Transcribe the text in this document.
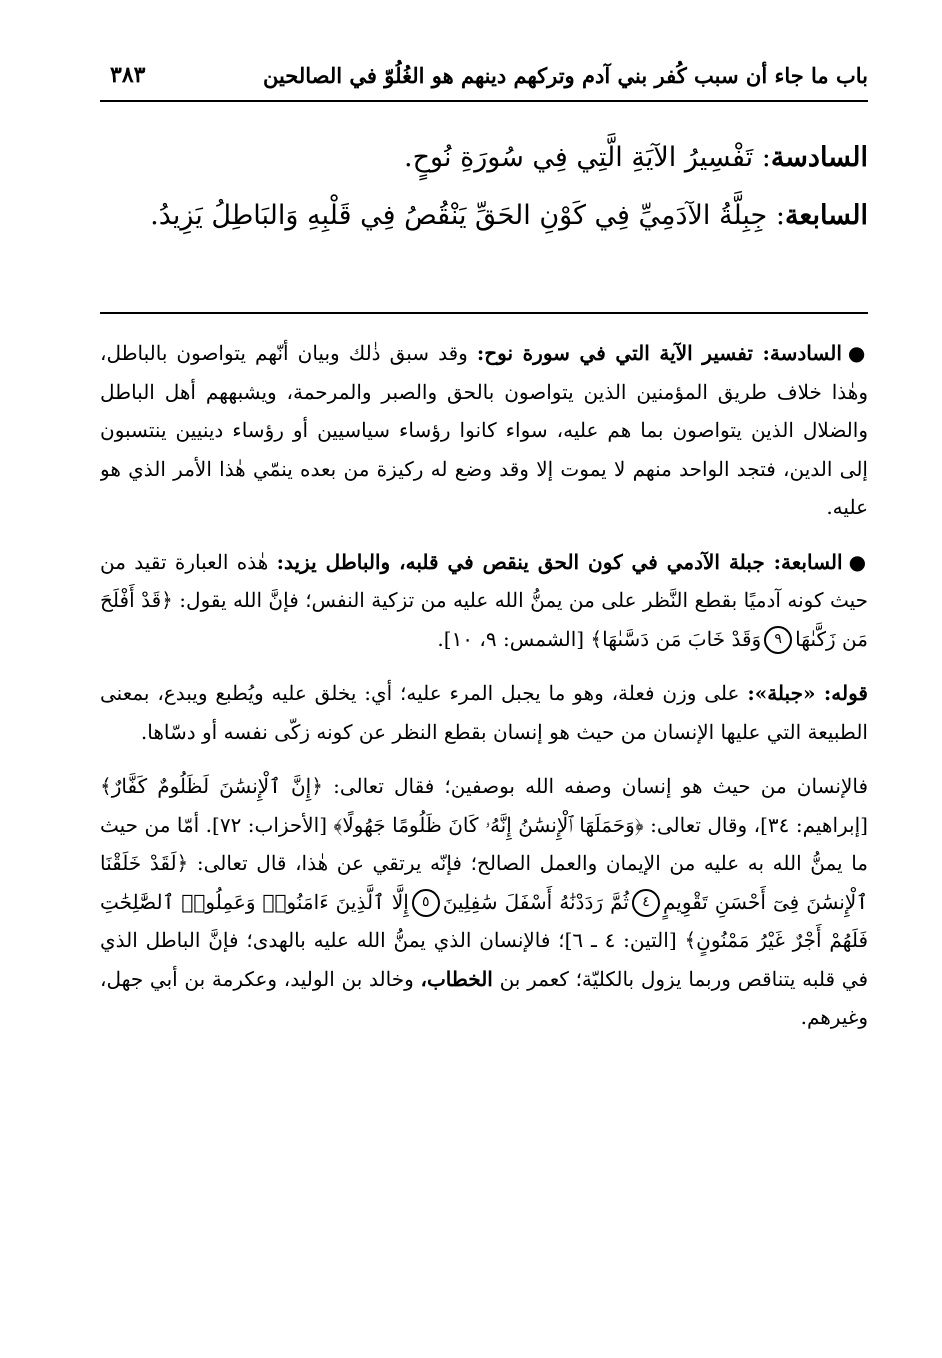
باب ما جاء أن سبب كُفر بني آدم وتركهم دينهم هو الغُلُوّ في الصالحين
٣٨٣

السادسة: تَفْسِيرُ الآيَةِ الَّتِي فِي سُورَةِ نُوحٍ.

السابعة: جِبِلَّةُ الآدَمِيِّ فِي كَوْنِ الحَقِّ يَنْقُصُ فِي قَلْبِهِ وَالبَاطِلُ يَزِيدُ.

●السادسة: تفسير الآية التي في سورة نوح: وقد سبق ذٰلك وبيان أنّهم يتواصون بالباطل، وهٰذا خلاف طريق المؤمنين الذين يتواصون بالحق والصبر والمرحمة، ويشبههم أهل الباطل والضلال الذين يتواصون بما هم عليه، سواء كانوا رؤساء سياسيين أو رؤساء دينيين ينتسبون إلى الدين، فتجد الواحد منهم لا يموت إلا وقد وضع له ركيزة من بعده ينمّي هٰذا الأمر الذي هو عليه.

●السابعة: جبلة الآدمي في كون الحق ينقص في قلبه، والباطل يزيد: هٰذه العبارة تقيد من حيث كونه آدميًا بقطع النَّظر على من يمنُّ الله عليه من تزكية النفس؛ فإنَّ الله يقول: ﴿قَدْ أَفْلَحَ مَن زَكَّىٰهَا٩وَقَدْ خَابَ مَن دَسَّىٰهَا﴾ [الشمس: ٩، ١٠].

قوله: «جبلة»: على وزن فعلة، وهو ما يجبل المرء عليه؛ أي: يخلق عليه ويُطبع ويبدع، بمعنى الطبيعة التي عليها الإنسان من حيث هو إنسان بقطع النظر عن كونه زكّى نفسه أو دسّاها.

فالإنسان من حيث هو إنسان وصفه الله بوصفين؛ فقال تعالى: ﴿إِنَّ ٱلْإِنسَٰنَ لَظَلُومٌ كَفَّارٌ﴾ [إبراهيم: ٣٤]، وقال تعالى: ﴿وَحَمَلَهَا ٱلْإِنسَٰنُ إِنَّهُۥ كَانَ ظَلُومًا جَهُولًا﴾ [الأحزاب: ٧٢]. أمّا من حيث ما يمنُّ الله به عليه من الإيمان والعمل الصالح؛ فإنّه يرتقي عن هٰذا، قال تعالى: ﴿لَقَدْ خَلَقْنَا ٱلْإِنسَٰنَ فِىٓ أَحْسَنِ تَقْوِيمٍ٤ثُمَّ رَدَدْنَٰهُ أَسْفَلَ سَٰفِلِينَ٥إِلَّا ٱلَّذِينَ ءَامَنُوا۟ وَعَمِلُوا۟ ٱلصَّٰلِحَٰتِ فَلَهُمْ أَجْرٌ غَيْرُ مَمْنُونٍ﴾ [التين: ٤ ـ ٦]؛ فالإنسان الذي يمنُّ الله عليه بالهدى؛ فإنَّ الباطل الذي في قلبه يتناقص وربما يزول بالكليّة؛ كعمر بن الخطاب، وخالد بن الوليد، وعكرمة بن أبي جهل، وغيرهم.
